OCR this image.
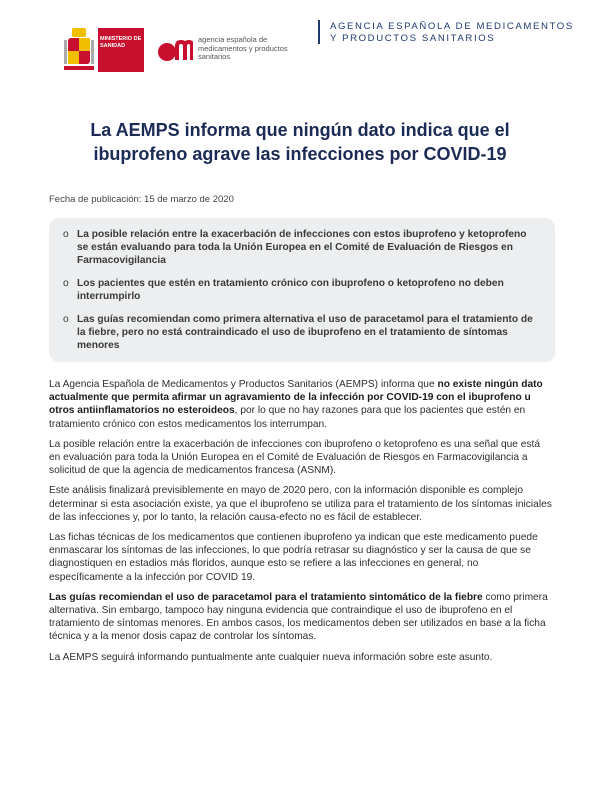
MINISTERIO DE SANIDAD
agencia española de medicamentos y productos sanitarios
AGENCIA ESPAÑOLA DE MEDICAMENTOS
Y PRODUCTOS SANITARIOS
La AEMPS informa que ningún dato indica que el
ibuprofeno agrave las infecciones por COVID-19
Fecha de publicación: 15 de marzo de 2020
o La posible relación entre la exacerbación de infecciones con estos ibuprofeno y ketoprofeno se están evaluando para toda la Unión Europea en el Comité de Evaluación de Riesgos en Farmacovigilancia
o Los pacientes que estén en tratamiento crónico con ibuprofeno o ketoprofeno no deben interrumpirlo
o Las guías recomiendan como primera alternativa el uso de paracetamol para el tratamiento de la fiebre, pero no está contraindicado el uso de ibuprofeno en el tratamiento de síntomas menores

La Agencia Española de Medicamentos y Productos Sanitarios (AEMPS) informa que no existe ningún dato actualmente que permita afirmar un agravamiento de la infección por COVID-19 con el ibuprofeno u otros antiinflamatorios no esteroideos, por lo que no hay razones para que los pacientes que estén en tratamiento crónico con estos medicamentos los interrumpan.

La posible relación entre la exacerbación de infecciones con ibuprofeno o ketoprofeno es una señal que está en evaluación para toda la Unión Europea en el Comité de Evaluación de Riesgos en Farmacovigilancia a solicitud de que la agencia de medicamentos francesa (ASNM).

Este análisis finalizará previsiblemente en mayo de 2020 pero, con la información disponible es complejo determinar si esta asociación existe, ya que el ibuprofeno se utiliza para el tratamiento de los síntomas iniciales de las infecciones y, por lo tanto, la relación causa-efecto no es fácil de establecer.

Las fichas técnicas de los medicamentos que contienen ibuprofeno ya indican que este medicamento puede enmascarar los síntomas de las infecciones, lo que podría retrasar su diagnóstico y ser la causa de que se diagnostiquen en estadios más floridos, aunque esto se refiere a las infecciones en general, no específicamente a la infección por COVID 19.

Las guías recomiendan el uso de paracetamol para el tratamiento sintomático de la fiebre como primera alternativa. Sin embargo, tampoco hay ninguna evidencia que contraindique el uso de ibuprofeno en el tratamiento de síntomas menores. En ambos casos, los medicamentos deben ser utilizados en base a la ficha técnica y a la menor dosis capaz de controlar los síntomas.

La AEMPS seguirá informando puntualmente ante cualquier nueva información sobre este asunto.
